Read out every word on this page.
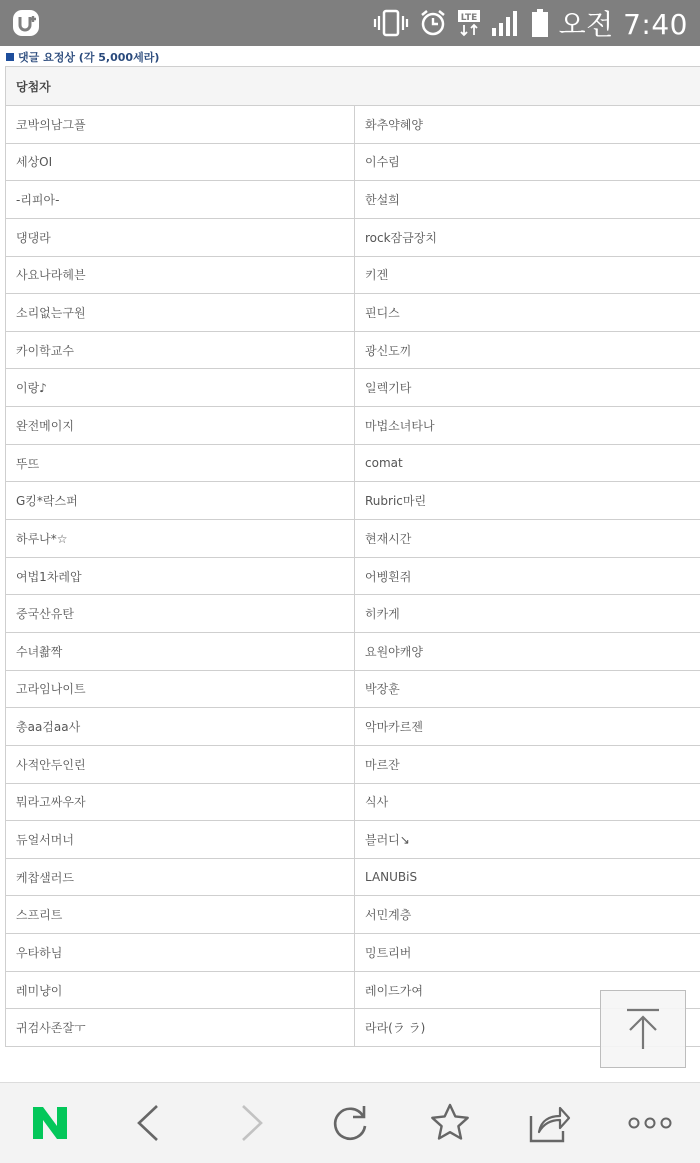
LTE	오전 7:40
댓글 요정상 (각 5,000세라)
당첨자
코박의남그플	화추약혜양
세상OI	이수림
-리피아-	한설희
댕댕라	rock잠금장치
사요나라헤븐	키겐
소리없는구원	핀디스
카이학교수	광신도끼
이랑♪	일렉기타
완전메이지	마법소녀타나
뚜뜨	comat
G킹*락스퍼	Rubric마린
하루나*☆	현재시간
여법1차레압	어벵흰쥐
중국산유탄	히카게
수녀촮짝	요원야캐양
고라임나이트	박장훈
총aa검aa사	악마카르젠
사적안두인린	마르잔
뭐라고싸우자	식사
듀얼서머너	블러디↘
케찹샐러드	LANUBiS
스프리트	서민계층
우타하님	밍트리버
레미냥이	레이드가여
귀검사존잘ㅜ	라라(ラ ラ)
